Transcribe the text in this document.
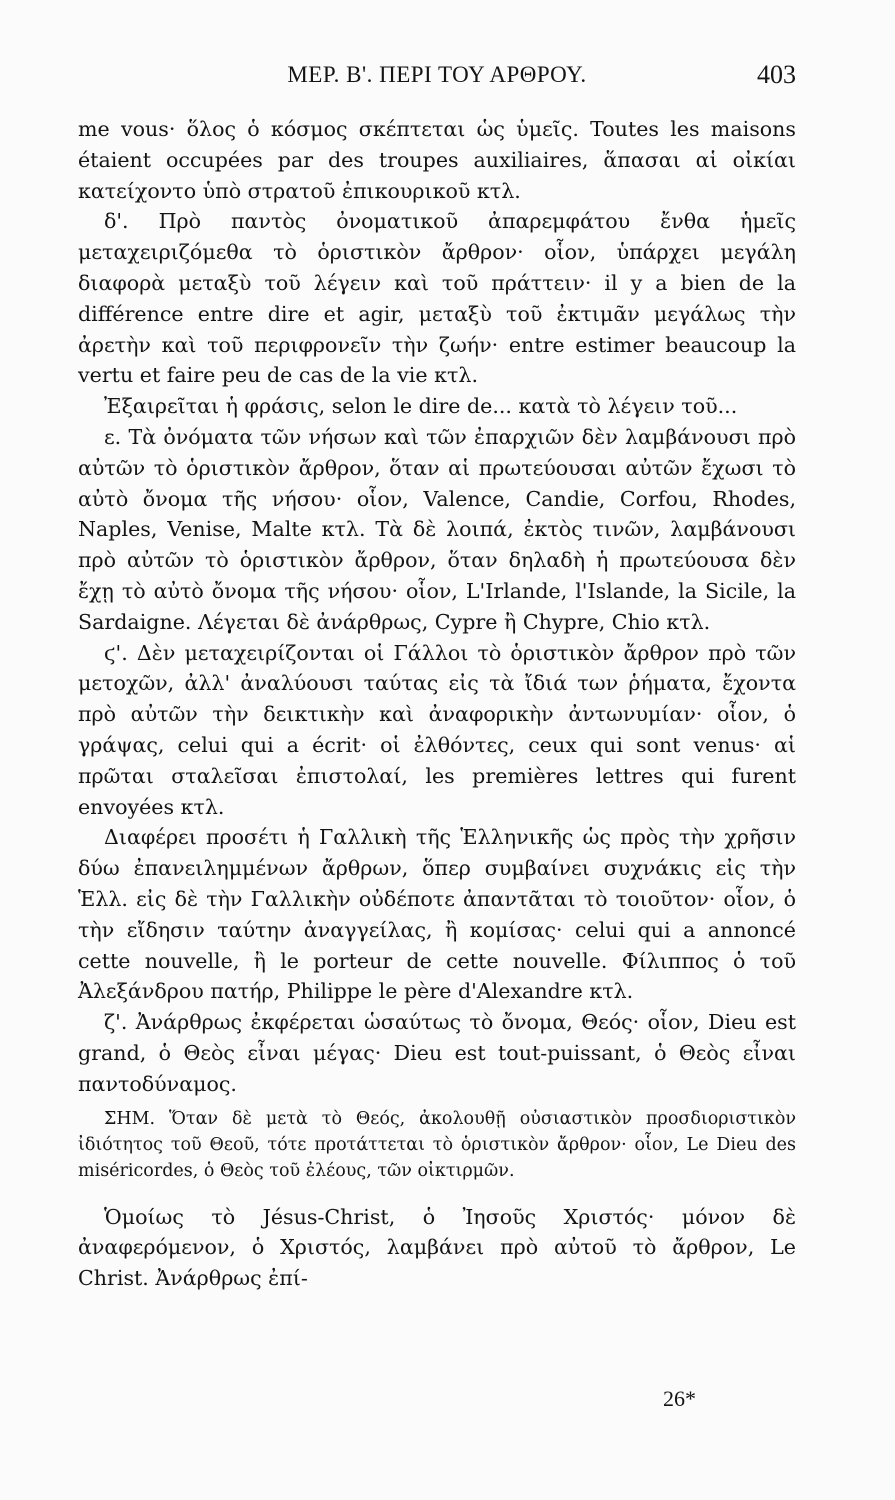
ΜΕΡ. Β'. ΠΕΡΙ ΤΟΥ ΑΡΘΡΟΥ.	403

me vous· ὅλος ὁ κόσμος σκέπτεται ὡς ὑμεῖς. Toutes les maisons étaient occupées par des troupes auxiliaires, ἅπασαι αἱ οἰκίαι κατείχοντο ὑπὸ στρατοῦ ἐπικουρικοῦ κτλ.

δ'. Πρὸ παντὸς ὀνοματικοῦ ἀπαρεμφάτου ἔνθα ἡμεῖς μεταχειριζόμεθα τὸ ὁριστικὸν ἄρθρον· οἷον, ὑπάρχει μεγάλη διαφορὰ μεταξὺ τοῦ λέγειν καὶ τοῦ πράττειν· il y a bien de la différence entre dire et agir, μεταξὺ τοῦ ἐκτιμᾶν μεγάλως τὴν ἀρετὴν καὶ τοῦ περιφρονεῖν τὴν ζωήν· entre estimer beaucoup la vertu et faire peu de cas de la vie κτλ.

Ἐξαιρεῖται ἡ φράσις, selon le dire de... κατὰ τὸ λέγειν τοῦ...

ε. Τὰ ὀνόματα τῶν νήσων καὶ τῶν ἐπαρχιῶν δὲν λαμβάνουσι πρὸ αὐτῶν τὸ ὁριστικὸν ἄρθρον, ὅταν αἱ πρωτεύουσαι αὐτῶν ἔχωσι τὸ αὐτὸ ὄνομα τῆς νήσου· οἷον, Valence, Candie, Corfou, Rhodes, Naples, Venise, Malte κτλ. Τὰ δὲ λοιπά, ἐκτὸς τινῶν, λαμβάνουσι πρὸ αὐτῶν τὸ ὁριστικὸν ἄρθρον, ὅταν δηλαδὴ ἡ πρωτεύουσα δὲν ἔχῃ τὸ αὐτὸ ὄνομα τῆς νήσου· οἷον, L'Irlande, l'Islande, la Sicile, la Sardaigne. Λέγεται δὲ ἀνάρθρως, Cypre ἢ Chypre, Chio κτλ.

ϛ'. Δὲν μεταχειρίζονται οἱ Γάλλοι τὸ ὁριστικὸν ἄρθρον πρὸ τῶν μετοχῶν, ἀλλ' ἀναλύουσι ταύτας εἰς τὰ ἴδιά των ῥήματα, ἔχοντα πρὸ αὐτῶν τὴν δεικτικὴν καὶ ἀναφορικὴν ἀντωνυμίαν· οἷον, ὁ γράψας, celui qui a écrit· οἱ ἐλθόντες, ceux qui sont venus· αἱ πρῶται σταλεῖσαι ἐπιστολαί, les premières lettres qui furent envoyées κτλ.

Διαφέρει προσέτι ἡ Γαλλικὴ τῆς Ἑλληνικῆς ὡς πρὸς τὴν χρῆσιν δύω ἐπανειλημμένων ἄρθρων, ὅπερ συμβαίνει συχνάκις εἰς τὴν Ἑλλ. εἰς δὲ τὴν Γαλλικὴν οὐδέποτε ἀπαντᾶται τὸ τοιοῦτον· οἷον, ὁ τὴν εἴδησιν ταύτην ἀναγγείλας, ἢ κομίσας· celui qui a annoncé cette nouvelle, ἢ le porteur de cette nouvelle. Φίλιππος ὁ τοῦ Ἀλεξάνδρου πατήρ, Philippe le père d'Alexandre κτλ.

ζ'. Ἀνάρθρως ἐκφέρεται ὡσαύτως τὸ ὄνομα, Θεός· οἷον, Dieu est grand, ὁ Θεὸς εἶναι μέγας· Dieu est tout-puissant, ὁ Θεὸς εἶναι παντοδύναμος.

ΣΗΜ. Ὅταν δὲ μετὰ τὸ Θεός, ἀκολουθῇ οὐσιαστικὸν προσδιοριστικὸν ἰδιότητος τοῦ Θεοῦ, τότε προτάττεται τὸ ὁριστικὸν ἄρθρον· οἷον, Le Dieu des miséricordes, ὁ Θεὸς τοῦ ἐλέους, τῶν οἰκτιρμῶν.

Ὁμοίως τὸ Jésus-Christ, ὁ Ἰησοῦς Χριστός· μόνον δὲ ἀναφερόμενον, ὁ Χριστός, λαμβάνει πρὸ αὐτοῦ τὸ ἄρθρον, Le Christ. Ἀνάρθρως ἐπί-

26*
